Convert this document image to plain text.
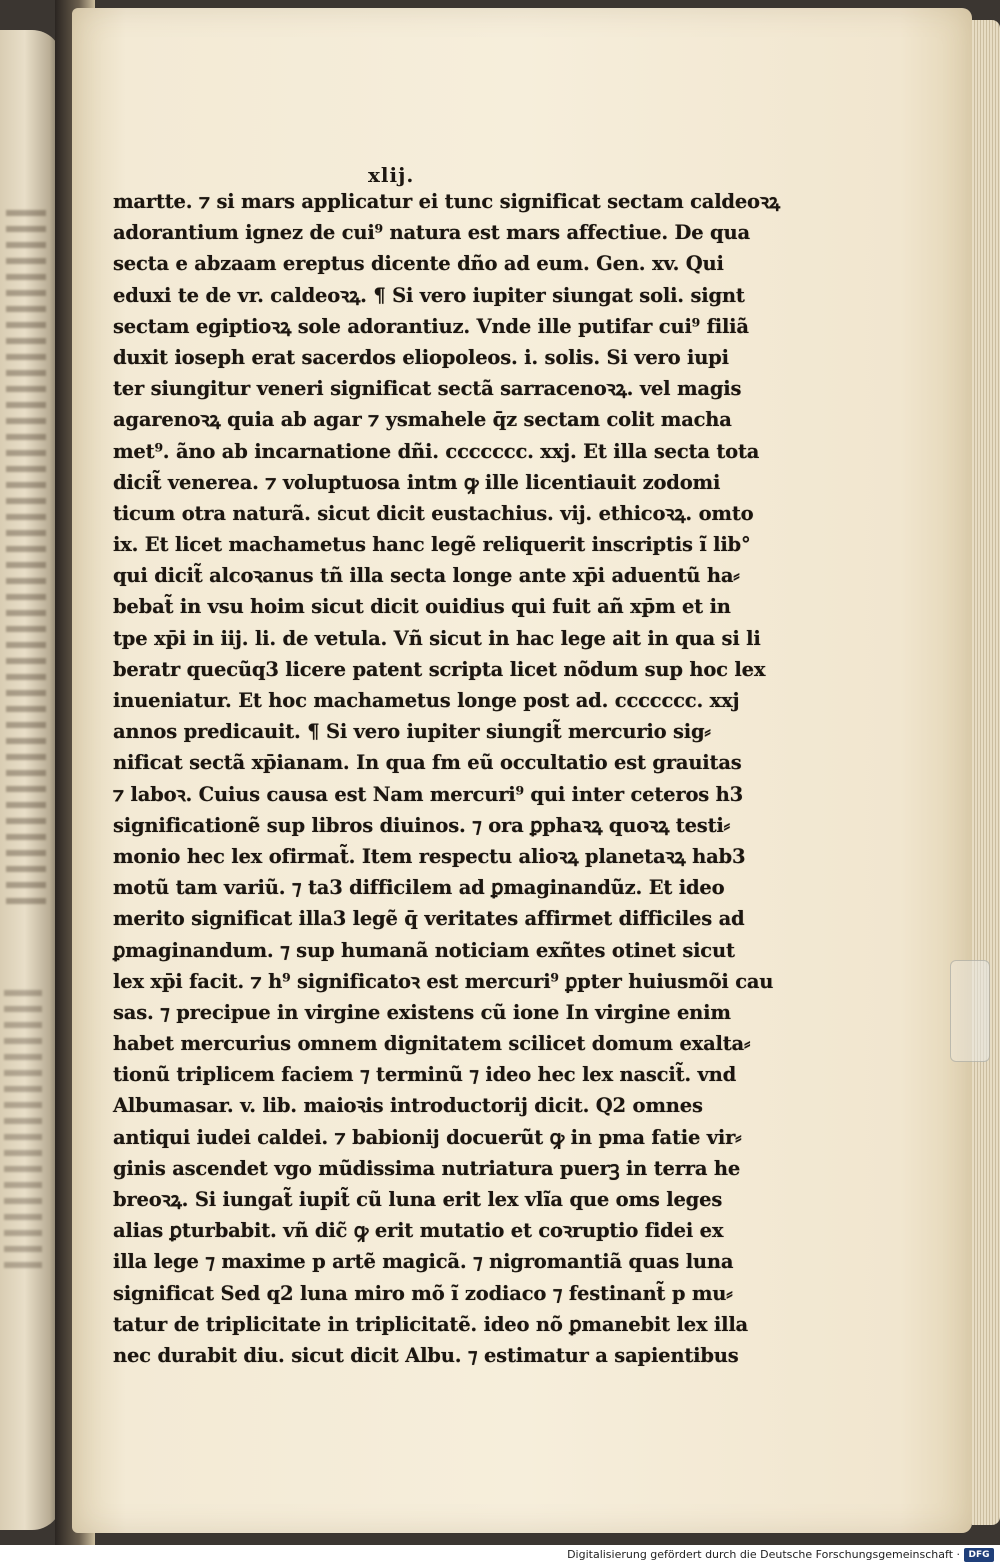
xlij.
martte. ⁊ si mars applicatur ei tunc significat sectam caldeoꝛꝝ
adorantium ignez de cui⁹ natura est mars affectiue. De qua
secta e abzaam ereptus dicente dño ad eum. Gen. xv. Qui
eduxi te de vr. caldeoꝛꝝ. ¶ Si vero iupiter siungat soli. signt
sectam egiptioꝛꝝ sole adorantiuz. Vnde ille putifar cui⁹ filiã
duxit ioseph erat sacerdos eliopoleos. i. solis. Si vero iupi
ter siungitur veneri significat sectã sarracenoꝛꝝ. vel magis
agarenoꝛꝝ quia ab agar ⁊ ysmahele q̄z sectam colit macha
met⁹. ãno ab incarnatione dñi. ccccccc. xxj. Et illa secta tota
dicit̃ venerea. ⁊ voluptuosa intm ꝙ ille licentiauit zodomi
ticum otra naturã. sicut dicit eustachius. vij. ethicoꝛꝝ. omto
ix. Et licet machametus hanc legẽ reliquerit inscriptis ĩ lib°
qui dicit̃ alcoꝛanus tñ illa secta longe ante xp̄i aduentũ ha⸗
bebat̃ in vsu hoim sicut dicit ouidius qui fuit añ xp̄m et in
tpe xp̄i in iij. li. de vetula. Vñ sicut in hac lege ait in qua si li
beratr quecũq3 licere patent scripta licet nõdum sup hoc lex
inueniatur. Et hoc machametus longe post ad. ccccccc. xxj
annos predicauit. ¶ Si vero iupiter siungit̃ mercurio sig⸗
nificat sectã xp̄ianam. In qua fm eũ occultatio est grauitas
⁊ laboꝛ. Cuius causa est Nam mercuri⁹ qui inter ceteros h3
significationẽ sup libros diuinos. ⁊ ora ꝑphaꝛꝝ quoꝛꝝ testi⸗
monio hec lex ofirmat̃. Item respectu alioꝛꝝ planetaꝛꝝ hab3
motũ tam variũ. ⁊ ta3 difficilem ad ꝑmaginandũz. Et ideo
merito significat illa3 legẽ q̄ veritates affirmet difficiles ad
ꝑmaginandum. ⁊ sup humanã noticiam exñtes otinet sicut
lex xp̄i facit. ⁊ h⁹ significatoꝛ est mercuri⁹ ꝑpter huiusmõi cau
sas. ⁊ precipue in virgine existens cũ ione In virgine enim
habet mercurius omnem dignitatem scilicet domum exalta⸗
tionũ triplicem faciem ⁊ terminũ ⁊ ideo hec lex nascit̃. vnd
Albumasar. v. lib. maioꝛis introductorij dicit. Q2 omnes
antiqui iudei caldei. ⁊ babionij docuerũt ꝙ in pma fatie vir⸗
ginis ascendet vgo mũdissima nutriatura puerꝫ in terra he
breoꝛꝝ. Si iungat̃ iupit̃ cũ luna erit lex vlĩa que oms leges
alias ꝑturbabit. vñ dic̃ ꝙ erit mutatio et coꝛruptio fidei ex
illa lege ⁊ maxime p artẽ magicã. ⁊ nigromantiã quas luna
significat Sed q2 luna miro mõ ĩ zodiaco ⁊ festinant̃ p mu⸗
tatur de triplicitate in triplicitatẽ. ideo nõ ꝑmanebit lex illa
nec durabit diu. sicut dicit Albu. ⁊ estimatur a sapientibus
Digitalisierung gefördert durch die Deutsche Forschungsgemeinschaft · DFG
